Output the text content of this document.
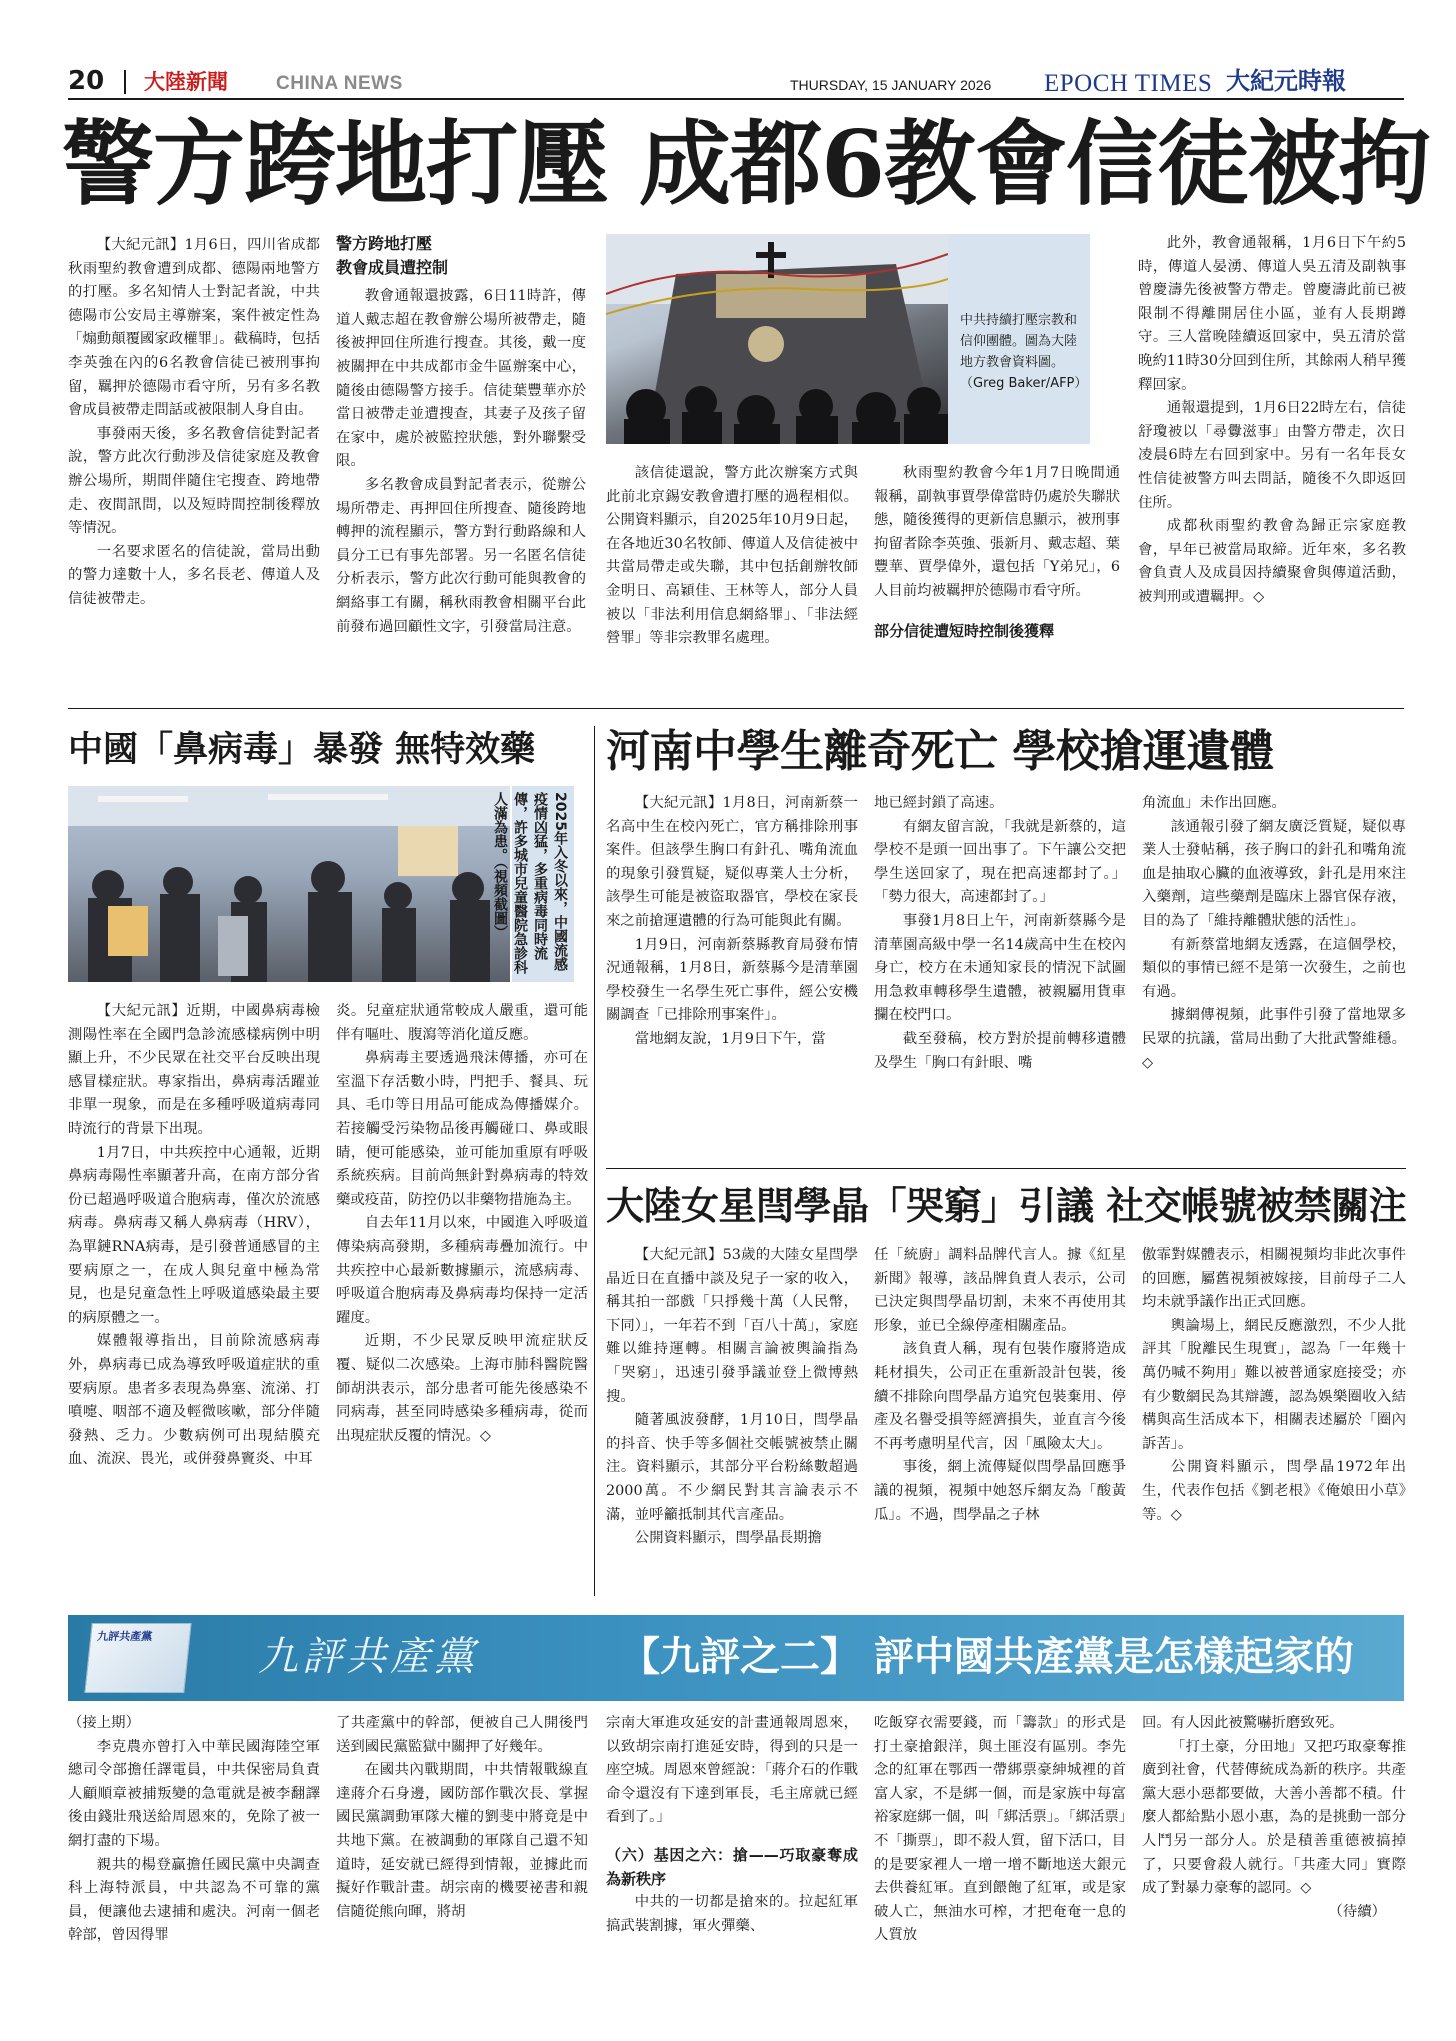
20 大陸新聞	CHINA NEWS	THURSDAY, 15 JANUARY 2026 EPOCH TIMES 大紀元時報
警方跨地打壓 成都6教會信徒被拘

【大紀元訊】1月6日，四川省成都秋雨聖約教會遭到成都、德陽兩地警方的打壓。多名知情人士對記者說，中共德陽市公安局主導辦案，案件被定性為「煽動顛覆國家政權罪」。截稿時，包括李英強在內的6名教會信徒已被刑事拘留，羈押於德陽市看守所，另有多名教會成員被帶走問話或被限制人身自由。

事發兩天後，多名教會信徒對記者說，警方此次行動涉及信徒家庭及教會辦公場所，期間伴隨住宅搜查、跨地帶走、夜間訊問，以及短時間控制後釋放等情況。

一名要求匿名的信徒說，當局出動的警力達數十人，多名長老、傳道人及信徒被帶走。

警方跨地打壓
教會成員遭控制

教會通報還披露，6日11時許，傳道人戴志超在教會辦公場所被帶走，隨後被押回住所進行搜查。其後，戴一度被關押在中共成都市金牛區辦案中心，隨後由德陽警方接手。信徒葉豐華亦於當日被帶走並遭搜查，其妻子及孩子留在家中，處於被監控狀態，對外聯繫受限。

多名教會成員對記者表示，從辦公場所帶走、再押回住所搜查、隨後跨地轉押的流程顯示，警方對行動路線和人員分工已有事先部署。另一名匿名信徒分析表示，警方此次行動可能與教會的網絡事工有關，稱秋雨教會相關平台此前發布過回顧性文字，引發當局注意。

中共持續打壓宗教和信仰團體。圖為大陸地方教會資料圖。（Greg Baker/AFP）

該信徒還說，警方此次辦案方式與此前北京錫安教會遭打壓的過程相似。公開資料顯示，自2025年10月9日起，在各地近30名牧師、傳道人及信徒被中共當局帶走或失聯，其中包括創辦牧師金明日、高穎佳、王林等人，部分人員被以「非法利用信息網絡罪」、「非法經營罪」等非宗教罪名處理。

秋雨聖約教會今年1月7日晚間通報稱，副執事賈學偉當時仍處於失聯狀態，隨後獲得的更新信息顯示，被刑事拘留者除李英強、張新月、戴志超、葉豐華、賈學偉外，還包括「Y弟兄」，6人目前均被羈押於德陽市看守所。

部分信徒遭短時控制後獲釋

此外，教會通報稱，1月6日下午約5時，傳道人晏湧、傳道人吳五清及副執事曾慶濤先後被警方帶走。曾慶濤此前已被限制不得離開居住小區，並有人長期蹲守。三人當晚陸續返回家中，吳五清於當晚約11時30分回到住所，其餘兩人稍早獲釋回家。

通報還提到，1月6日22時左右，信徒舒瓊被以「尋釁滋事」由警方帶走，次日凌晨6時左右回到家中。另有一名年長女性信徒被警方叫去問話，隨後不久即返回住所。

成都秋雨聖約教會為歸正宗家庭教會，早年已被當局取締。近年來，多名教會負責人及成員因持續聚會與傳道活動，被判刑或遭羈押。◇

中國「鼻病毒」暴發 無特效藥
2025年入冬以來，中國流感疫情凶猛，多重病毒同時流傳，許多城市兒童醫院急診科人滿為患。（視頻截圖）

【大紀元訊】近期，中國鼻病毒檢測陽性率在全國門急診流感樣病例中明顯上升，不少民眾在社交平台反映出現感冒樣症狀。專家指出，鼻病毒活躍並非單一現象，而是在多種呼吸道病毒同時流行的背景下出現。

1月7日，中共疾控中心通報，近期鼻病毒陽性率顯著升高，在南方部分省份已超過呼吸道合胞病毒，僅次於流感病毒。鼻病毒又稱人鼻病毒（HRV），為單鏈RNA病毒，是引發普通感冒的主要病原之一，在成人與兒童中極為常見，也是兒童急性上呼吸道感染最主要的病原體之一。

媒體報導指出，目前除流感病毒外，鼻病毒已成為導致呼吸道症狀的重要病原。患者多表現為鼻塞、流涕、打噴嚏、咽部不適及輕微咳嗽，部分伴隨發熱、乏力。少數病例可出現結膜充血、流淚、畏光，或併發鼻竇炎、中耳

炎。兒童症狀通常較成人嚴重，還可能伴有嘔吐、腹瀉等消化道反應。

鼻病毒主要透過飛沫傳播，亦可在室溫下存活數小時，門把手、餐具、玩具、毛巾等日用品可能成為傳播媒介。若接觸受污染物品後再觸碰口、鼻或眼睛，便可能感染，並可能加重原有呼吸系統疾病。目前尚無針對鼻病毒的特效藥或疫苗，防控仍以非藥物措施為主。

自去年11月以來，中國進入呼吸道傳染病高發期，多種病毒疊加流行。中共疾控中心最新數據顯示，流感病毒、呼吸道合胞病毒及鼻病毒均保持一定活躍度。

近期，不少民眾反映甲流症狀反覆、疑似二次感染。上海市肺科醫院醫師胡洪表示，部分患者可能先後感染不同病毒，甚至同時感染多種病毒，從而出現症狀反覆的情況。◇

河南中學生離奇死亡 學校搶運遺體

【大紀元訊】1月8日，河南新蔡一名高中生在校內死亡，官方稱排除刑事案件。但該學生胸口有針孔、嘴角流血的現象引發質疑，疑似專業人士分析，該學生可能是被盜取器官，學校在家長來之前搶運遺體的行為可能與此有關。

1月9日，河南新蔡縣教育局發布情況通報稱，1月8日，新蔡縣今是清華園學校發生一名學生死亡事件，經公安機關調查「已排除刑事案件」。

當地網友說，1月9日下午，當

地已經封鎖了高速。

有網友留言說，「我就是新蔡的，這學校不是頭一回出事了。下午讓公交把學生送回家了，現在把高速都封了。」「勢力很大，高速都封了。」

事發1月8日上午，河南新蔡縣今是清華園高級中學一名14歲高中生在校內身亡，校方在未通知家長的情況下試圖用急救車轉移學生遺體，被親屬用貨車攔在校門口。

截至發稿，校方對於提前轉移遺體及學生「胸口有針眼、嘴

角流血」未作出回應。

該通報引發了網友廣泛質疑，疑似專業人士發帖稱，孩子胸口的針孔和嘴角流血是抽取心臟的血液導致，針孔是用來注入藥劑，這些藥劑是臨床上器官保存液，目的為了「維持離體狀態的活性」。

有新蔡當地網友透露，在這個學校，類似的事情已經不是第一次發生，之前也有過。

據網傳視頻，此事件引發了當地眾多民眾的抗議，當局出動了大批武警維穩。◇

大陸女星閆學晶「哭窮」引議 社交帳號被禁關注

【大紀元訊】53歲的大陸女星閆學晶近日在直播中談及兒子一家的收入，稱其拍一部戲「只掙幾十萬（人民幣，下同）」，一年若不到「百八十萬」，家庭難以維持運轉。相關言論被輿論指為「哭窮」，迅速引發爭議並登上微博熱搜。

隨著風波發酵，1月10日，閆學晶的抖音、快手等多個社交帳號被禁止關注。資料顯示，其部分平台粉絲數超過2000萬。不少網民對其言論表示不滿，並呼籲抵制其代言產品。

公開資料顯示，閆學晶長期擔

任「統廚」調料品牌代言人。據《紅星新聞》報導，該品牌負責人表示，公司已決定與閆學晶切割，未來不再使用其形象，並已全線停產相關產品。

該負責人稱，現有包裝作廢將造成耗材損失，公司正在重新設計包裝，後續不排除向閆學晶方追究包裝棄用、停產及名譽受損等經濟損失，並直言今後不再考慮明星代言，因「風險太大」。

事後，網上流傳疑似閆學晶回應爭議的視頻，視頻中她怒斥網友為「酸黃瓜」。不過，閆學晶之子林

傲霏對媒體表示，相關視頻均非此次事件的回應，屬舊視頻被嫁接，目前母子二人均未就爭議作出正式回應。

輿論場上，網民反應激烈，不少人批評其「脫離民生現實」，認為「一年幾十萬仍喊不夠用」難以被普通家庭接受；亦有少數網民為其辯護，認為娛樂圈收入結構與高生活成本下，相關表述屬於「圈內訴苦」。

公開資料顯示，閆學晶1972年出生，代表作包括《劉老根》《俺娘田小草》等。◇

九評共產黨	九評共產黨	【九評之二】 評中國共產黨是怎樣起家的

（接上期）

李克農亦曾打入中華民國海陸空軍總司令部擔任譯電員，中共保密局負責人顧順章被捕叛變的急電就是被李翻譯後由錢壯飛送給周恩來的，免除了被一網打盡的下場。

親共的楊登贏擔任國民黨中央調查科上海特派員，中共認為不可靠的黨員，便讓他去逮捕和處決。河南一個老幹部，曾因得罪

了共產黨中的幹部，便被自己人開後門送到國民黨監獄中關押了好幾年。

在國共內戰期間，中共情報戰線直達蔣介石身邊，國防部作戰次長、掌握國民黨調動軍隊大權的劉斐中將竟是中共地下黨。在被調動的軍隊自己還不知道時，延安就已經得到情報，並據此而擬好作戰計畫。胡宗南的機要祕書和親信隨從熊向暉，將胡

宗南大軍進攻延安的計畫通報周恩來，以致胡宗南打進延安時，得到的只是一座空城。周恩來曾經說：「蔣介石的作戰命令還沒有下達到軍長，毛主席就已經看到了。」

（六）基因之六：搶——巧取豪奪成為新秩序

中共的一切都是搶來的。拉起紅軍搞武裝割據，軍火彈藥、

吃飯穿衣需要錢，而「籌款」的形式是打土豪搶銀洋，與土匪沒有區別。李先念的紅軍在鄂西一帶綁票豪紳城裡的首富人家，不是綁一個，而是家族中每富裕家庭綁一個，叫「綁活票」。「綁活票」不「撕票」，即不殺人質，留下活口，目的是要家裡人一增一增不斷地送大銀元去供養紅軍。直到餵飽了紅軍，或是家破人亡，無油水可榨，才把奄奄一息的人質放

回。有人因此被驚嚇折磨致死。

「打土豪，分田地」又把巧取豪奪推廣到社會，代替傳統成為新的秩序。共產黨大惡小惡都要做，大善小善都不積。什麼人都給點小恩小惠，為的是挑動一部分人鬥另一部分人。於是積善重德被搞掉了，只要會殺人就行。「共產大同」實際成了對暴力豪奪的認同。◇

（待續）
